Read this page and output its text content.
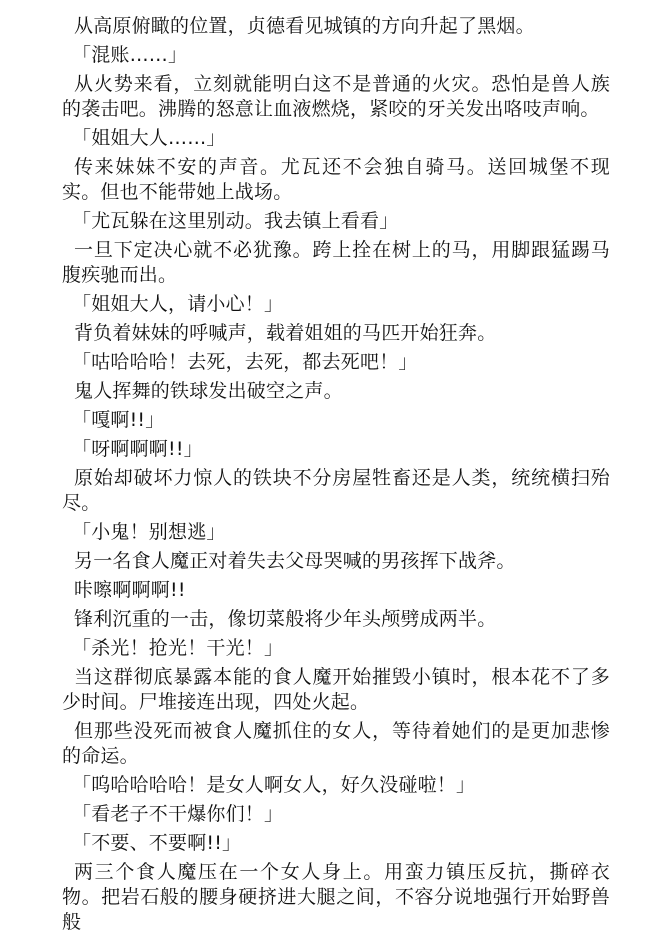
从高原俯瞰的位置，贞德看见城镇的方向升起了黑烟。

「混账……」

从火势来看，立刻就能明白这不是普通的火灾。恐怕是兽人族的袭击吧。沸腾的怒意让血液燃烧，紧咬的牙关发出咯吱声响。

「姐姐大人……」

传来妹妹不安的声音。尤瓦还不会独自骑马。送回城堡不现实。但也不能带她上战场。

「尤瓦躲在这里别动。我去镇上看看」

一旦下定决心就不必犹豫。跨上拴在树上的马，用脚跟猛踢马腹疾驰而出。

「姐姐大人，请小心！」

背负着妹妹的呼喊声，载着姐姐的马匹开始狂奔。

「咕哈哈哈！去死，去死，都去死吧！」

鬼人挥舞的铁球发出破空之声。

「嘎啊!!」

「呀啊啊啊!!」

原始却破坏力惊人的铁块不分房屋牲畜还是人类，统统横扫殆尽。

「小鬼！别想逃」

另一名食人魔正对着失去父母哭喊的男孩挥下战斧。

咔嚓啊啊啊!!

锋利沉重的一击，像切菜般将少年头颅劈成两半。

「杀光！抢光！干光！」

当这群彻底暴露本能的食人魔开始摧毁小镇时，根本花不了多少时间。尸堆接连出现，四处火起。

但那些没死而被食人魔抓住的女人，等待着她们的是更加悲惨的命运。

「呜哈哈哈哈！是女人啊女人，好久没碰啦！」

「看老子不干爆你们！」

「不要、不要啊!!」

两三个食人魔压在一个女人身上。用蛮力镇压反抗，撕碎衣物。把岩石般的腰身硬挤进大腿之间，不容分说地强行开始野兽般
